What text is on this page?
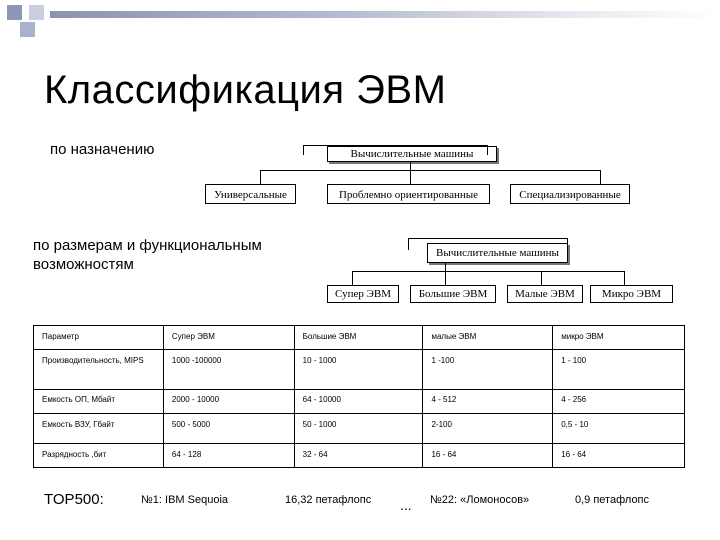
Классификация ЭВМ
по назначению	Вычислительные машины
Универсальные	Проблемно ориентированные	Специализированные
по размерам и функциональным возможностям
Вычислительные машины
Супер ЭВМ	Большие ЭВМ	Малые ЭВМ	Микро ЭВМ
Параметр	Супер ЭВМ	Большие ЭВМ	малые ЭВМ	микро ЭВМ
Производительность, MIPS	1000 -100000	10 - 1000	1 -100	1 - 100
Емкость ОП, Мбайт	2000 - 10000	64 - 10000	4 - 512	4 - 256
Емкость ВЗУ, Гбайт	500 - 5000	50 - 1000	2-100	0,5 - 10
Разрядность ,бит	64 - 128	32 - 64	16 - 64	16 - 64
TOP500:	№1: IBM Sequoia	16,32 петафлопс ... №22: «Ломоносов»	0,9 петафлопс
